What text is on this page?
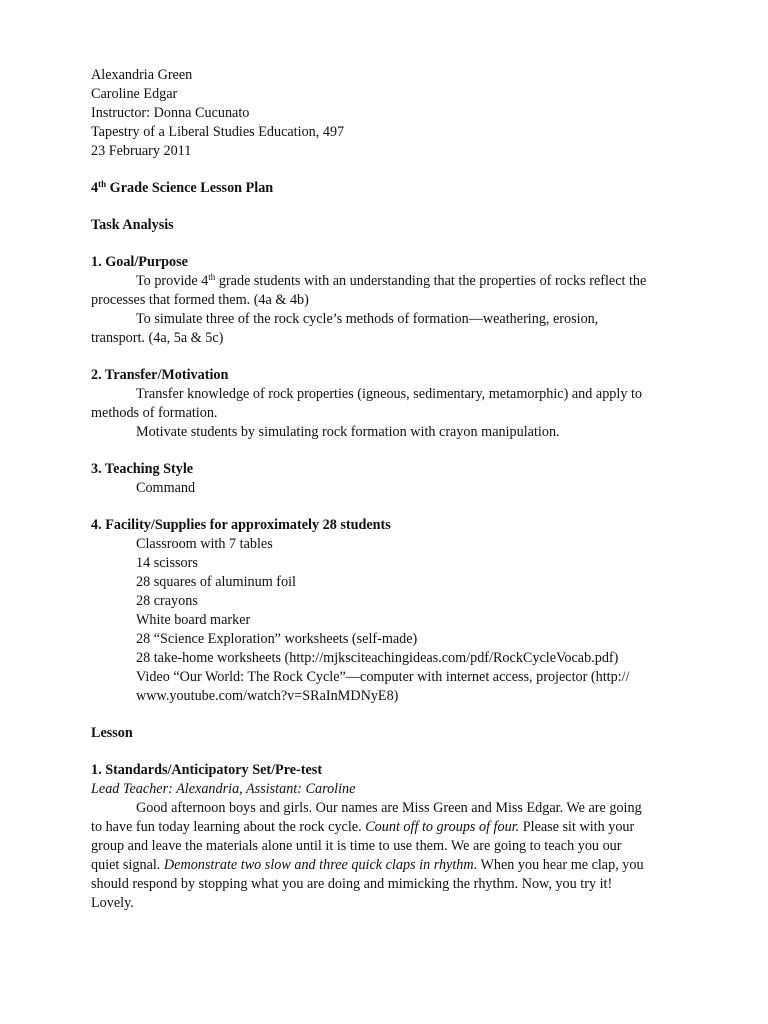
Alexandria Green
Caroline Edgar
Instructor: Donna Cucunato
Tapestry of a Liberal Studies Education, 497
23 February 2011
4th Grade Science Lesson Plan
Task Analysis
1. Goal/Purpose
To provide 4th grade students with an understanding that the properties of rocks reflect the
processes that formed them. (4a & 4b)
To simulate three of the rock cycle’s methods of formation—weathering, erosion,
transport. (4a, 5a & 5c)
2. Transfer/Motivation
Transfer knowledge of rock properties (igneous, sedimentary, metamorphic) and apply to
methods of formation.
Motivate students by simulating rock formation with crayon manipulation.
3. Teaching Style
Command
4. Facility/Supplies for approximately 28 students
Classroom with 7 tables
14 scissors
28 squares of aluminum foil
28 crayons
White board marker
28 “Science Exploration” worksheets (self-made)
28 take-home worksheets (http://mjksciteachingideas.com/pdf/RockCycleVocab.pdf)
Video “Our World: The Rock Cycle”—computer with internet access, projector (http://
www.youtube.com/watch?v=SRaInMDNyE8)
Lesson
1. Standards/Anticipatory Set/Pre-test
Lead Teacher: Alexandria, Assistant: Caroline
Good afternoon boys and girls. Our names are Miss Green and Miss Edgar. We are going
to have fun today learning about the rock cycle. Count off to groups of four. Please sit with your
group and leave the materials alone until it is time to use them. We are going to teach you our
quiet signal. Demonstrate two slow and three quick claps in rhythm. When you hear me clap, you
should respond by stopping what you are doing and mimicking the rhythm. Now, you try it!
Lovely.
